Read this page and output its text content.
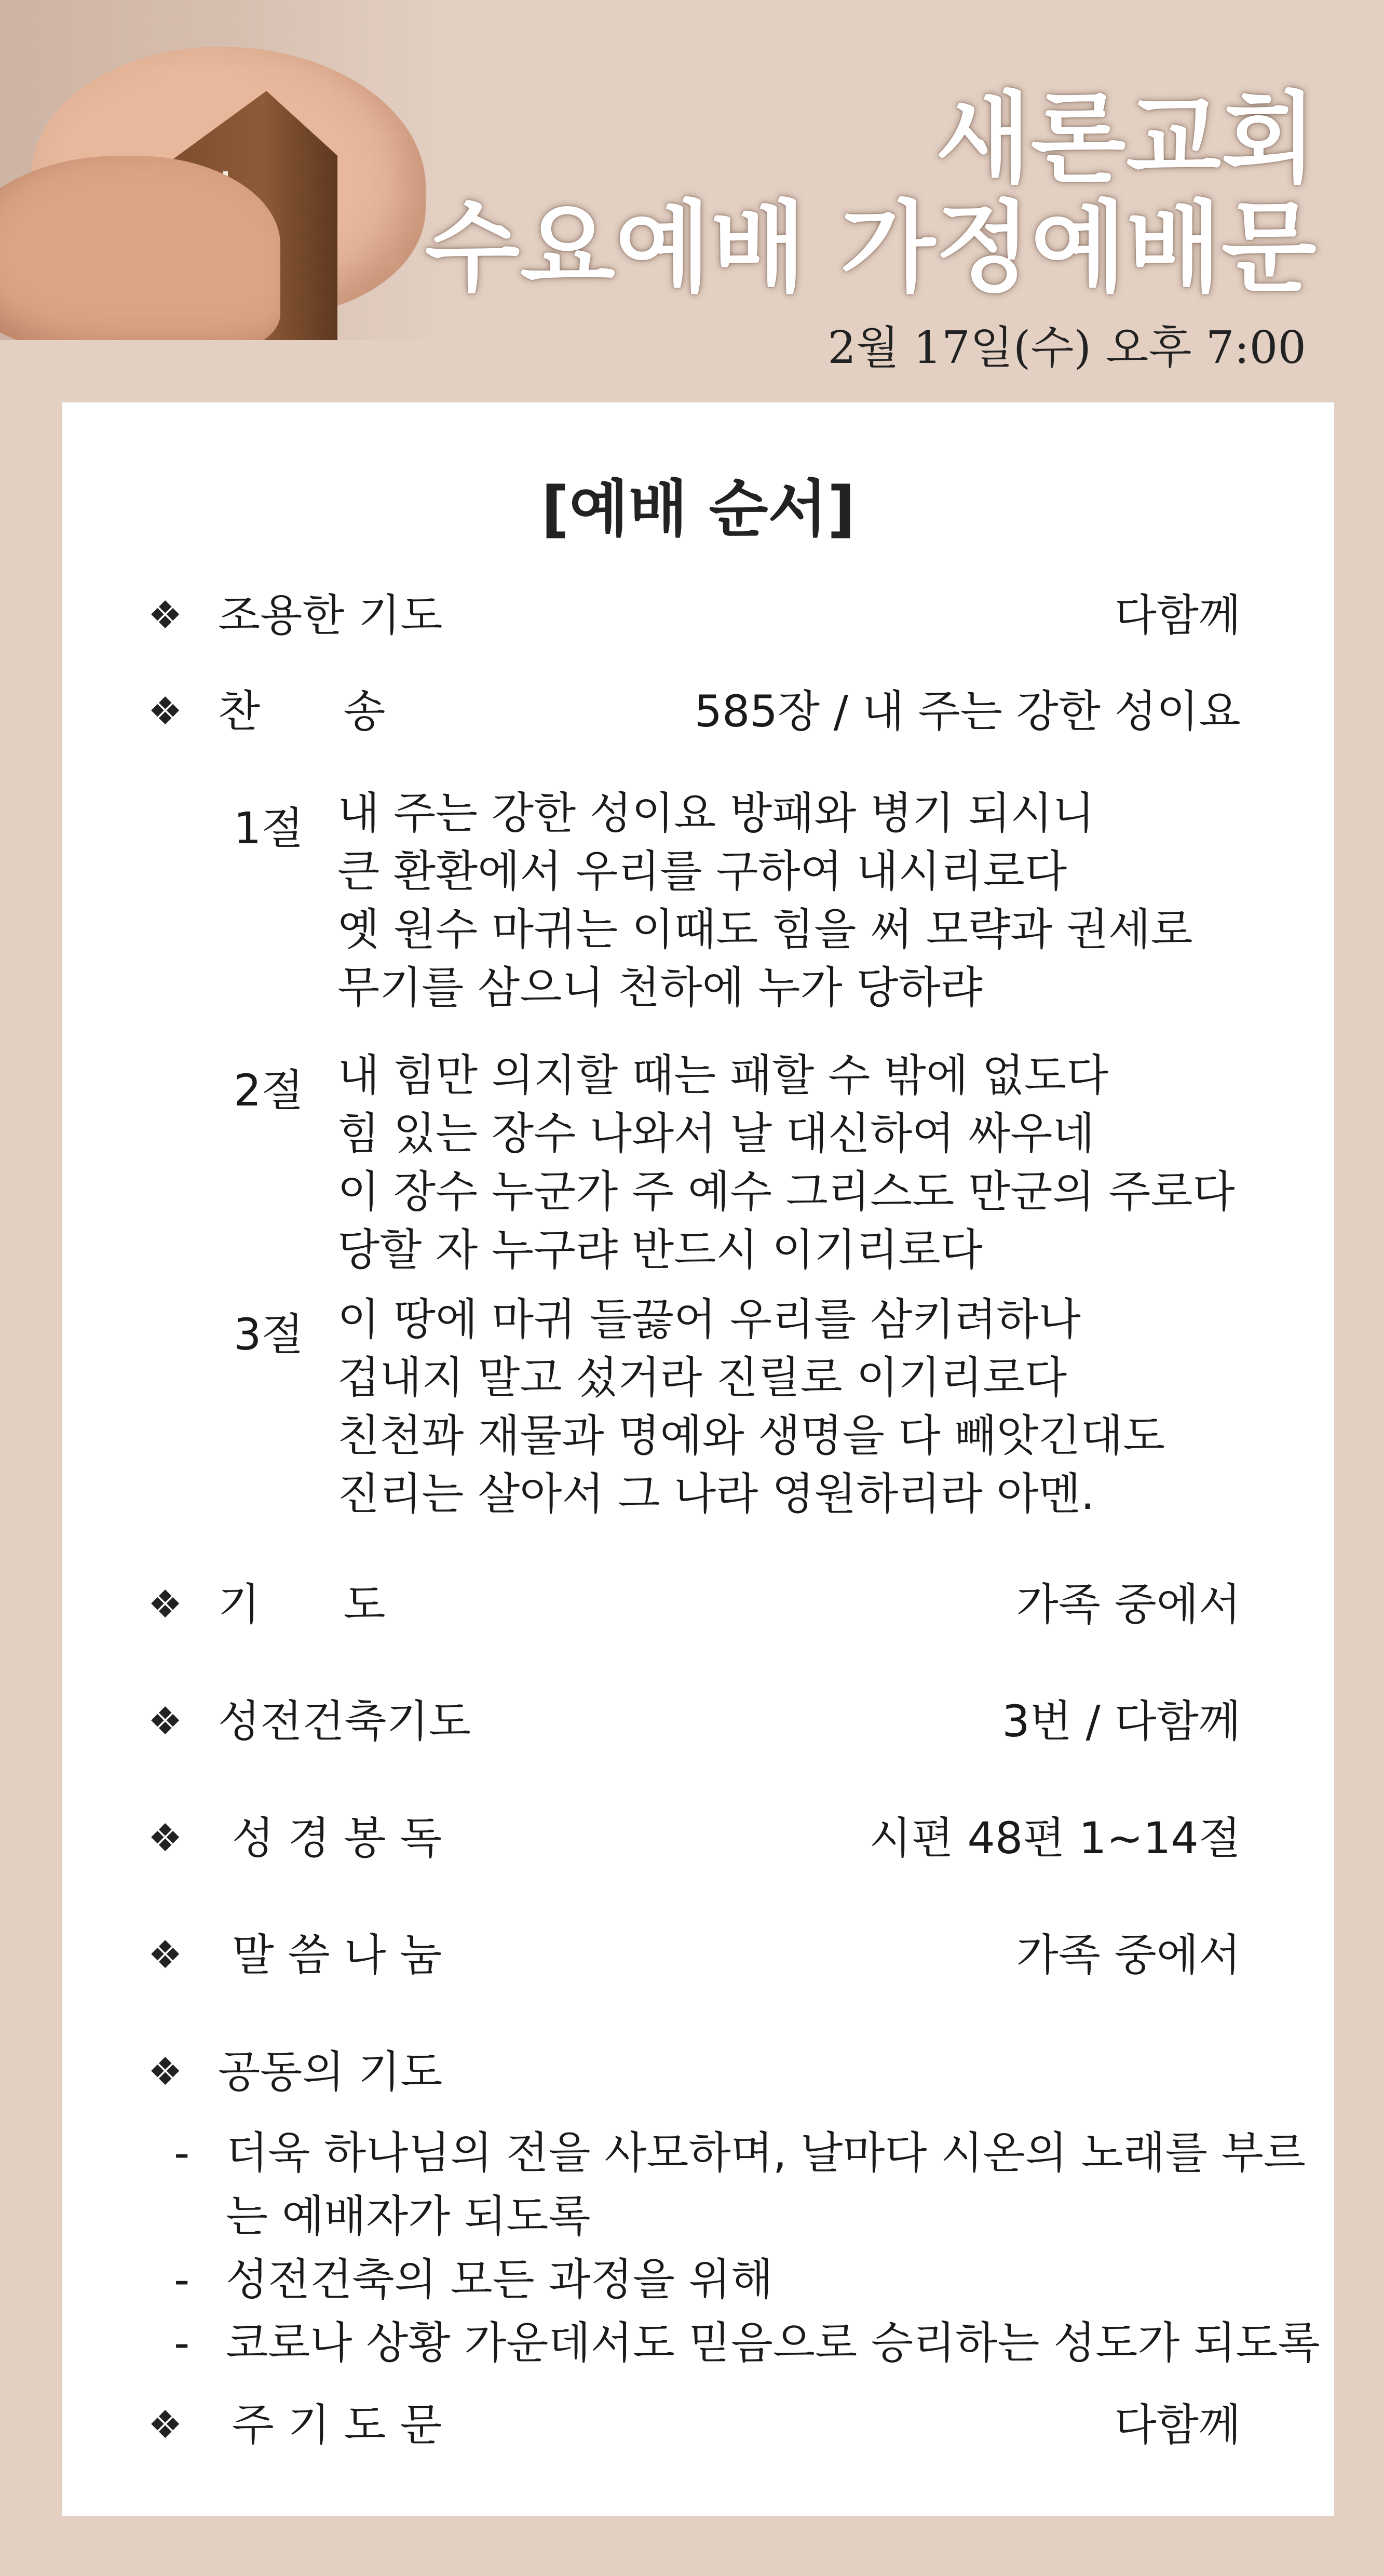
새론교회
수요예배 가정예배문
2월 17일(수) 오후 7:00
[예배 순서]
❖ 조용한 기도	다함께
❖ 찬      송	585장 / 내 주는 강한 성이요
1절 내 주는 강한 성이요 방패와 병기 되시니
큰 환환에서 우리를 구하여 내시리로다
옛 원수 마귀는 이때도 힘을 써 모략과 권세로
무기를 삼으니 천하에 누가 당하랴
2절 내 힘만 의지할 때는 패할 수 밖에 없도다
힘 있는 장수 나와서 날 대신하여 싸우네
이 장수 누군가 주 예수 그리스도 만군의 주로다
당할 자 누구랴 반드시 이기리로다
3절 이 땅에 마귀 들끓어 우리를 삼키려하나
겁내지 말고 섰거라 진릴로 이기리로다
친천꽈 재물과 명예와 생명을 다 빼앗긴대도
진리는 살아서 그 나라 영원하리라 아멘.
❖ 기      도	가족 중에서
❖ 성전건축기도	3번 / 다함께
❖ 성 경 봉 독	시편 48편 1~14절
❖ 말 씀 나 눔	가족 중에서
❖ 공동의 기도
- 더욱 하나님의 전을 사모하며, 날마다 시온의 노래를 부르
는 예배자가 되도록
- 성전건축의 모든 과정을 위해
- 코로나 상황 가운데서도 믿음으로 승리하는 성도가 되도록
❖ 주 기 도 문	다함께
